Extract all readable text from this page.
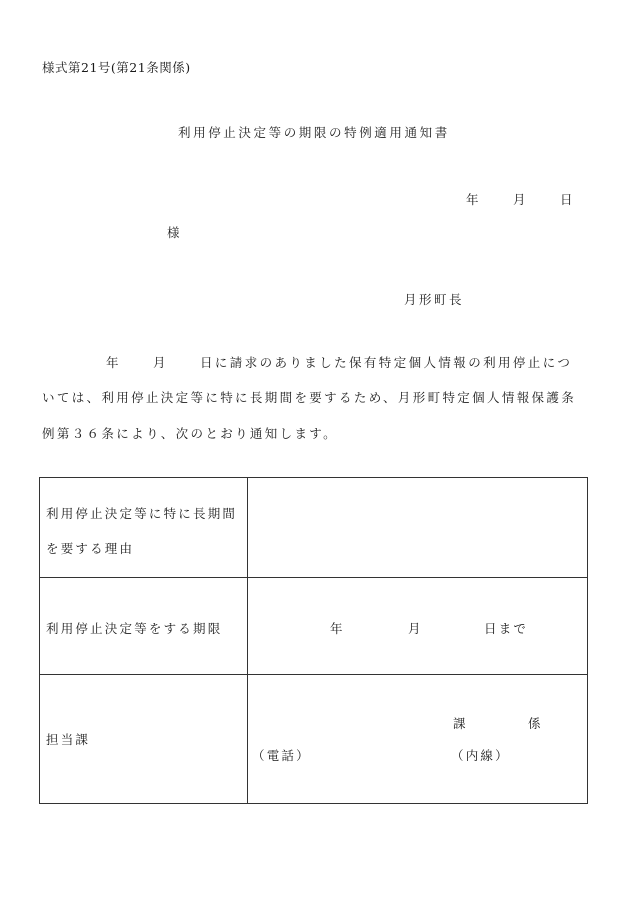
様式第21号(第21条関係)
利用停止決定等の期限の特例適用通知書
年	月	日
様
月形町長
年	月	日に請求のありました保有特定個人情報の利用停止につ
いては、利用停止決定等に特に長期間を要するため、月形町特定個人情報保護条
例第３６条により、次のとおり通知します。
利用停止決定等に特に長期間
を要する理由
利用停止決定等をする期限	年	月	日まで
担当課
課	係
（電話）	（内線）
